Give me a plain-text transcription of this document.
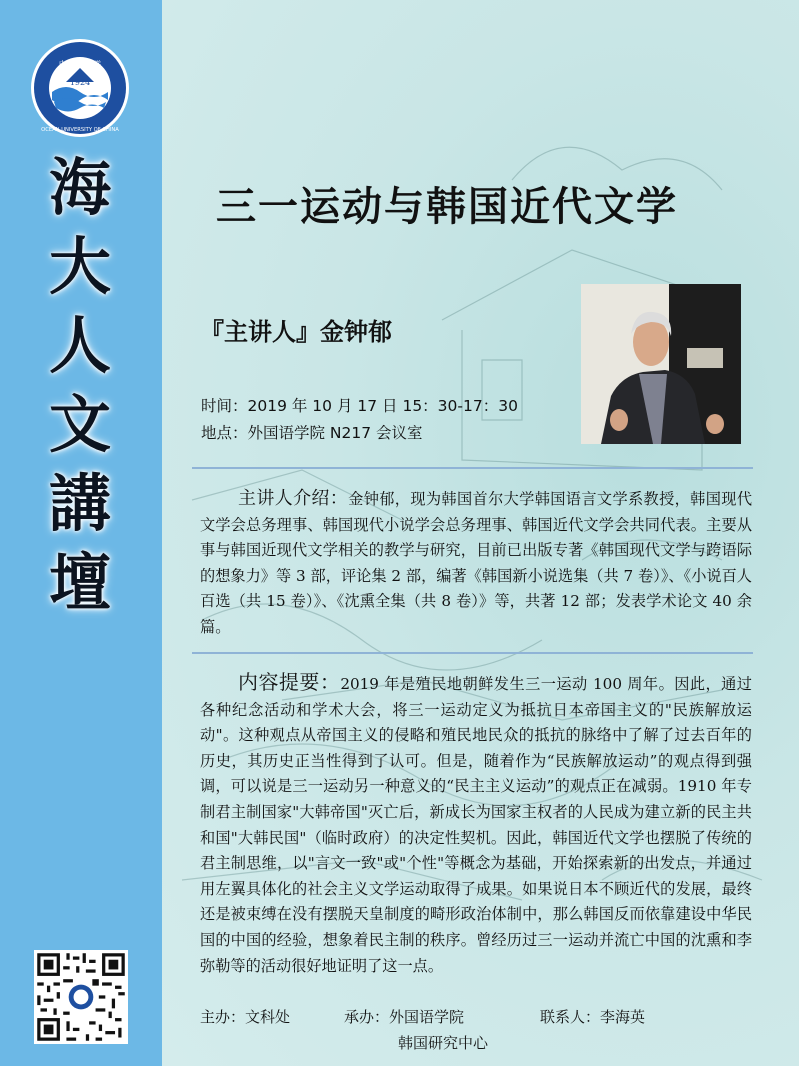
中国海洋大学
1924
OCEAN UNIVERSITY OF CHINA
海
大
人
文
講
壇
三一运动与韩国近代文学
『主讲人』金钟郁
时间：2019 年 10 月 17 日 15：30-17：30
地点：外国语学院 N217 会议室
主讲人介绍：金钟郁，现为韩国首尔大学韩国语言文学系教授，韩国现代文学会总务理事、韩国现代小说学会总务理事、韩国近代文学会共同代表。主要从事与韩国近现代文学相关的教学与研究，目前已出版专著《韩国现代文学与跨语际的想象力》等 3 部，评论集 2 部，编著《韩国新小说选集（共 7 卷）》、《小说百人百选（共 15 卷）》、《沈熏全集（共 8 卷）》等，共著 12 部；发表学术论文 40 余篇。
内容提要：2019 年是殖民地朝鲜发生三一运动 100 周年。因此，通过各种纪念活动和学术大会，将三一运动定义为抵抗日本帝国主义的"民族解放运动"。这种观点从帝国主义的侵略和殖民地民众的抵抗的脉络中了解了过去百年的历史，其历史正当性得到了认可。但是，随着作为“民族解放运动”的观点得到强调，可以说是三一运动另一种意义的“民主主义运动”的观点正在减弱。1910 年专制君主制国家"大韩帝国"灭亡后，新成长为国家主权者的人民成为建立新的民主共和国"大韩民国"（临时政府）的决定性契机。因此，韩国近代文学也摆脱了传统的君主制思维，以"言文一致"或"个性"等概念为基础，开始探索新的出发点，并通过用左翼具体化的社会主义文学运动取得了成果。如果说日本不顾近代的发展，最终还是被束缚在没有摆脱天皇制度的畸形政治体制中，那么韩国反而依靠建设中华民国的中国的经验，想象着民主制的秩序。曾经历过三一运动并流亡中国的沈熏和李弥勒等的活动很好地证明了这一点。
主办：文科处	承办：外国语学院
韩国研究中心
联系人：李海英
